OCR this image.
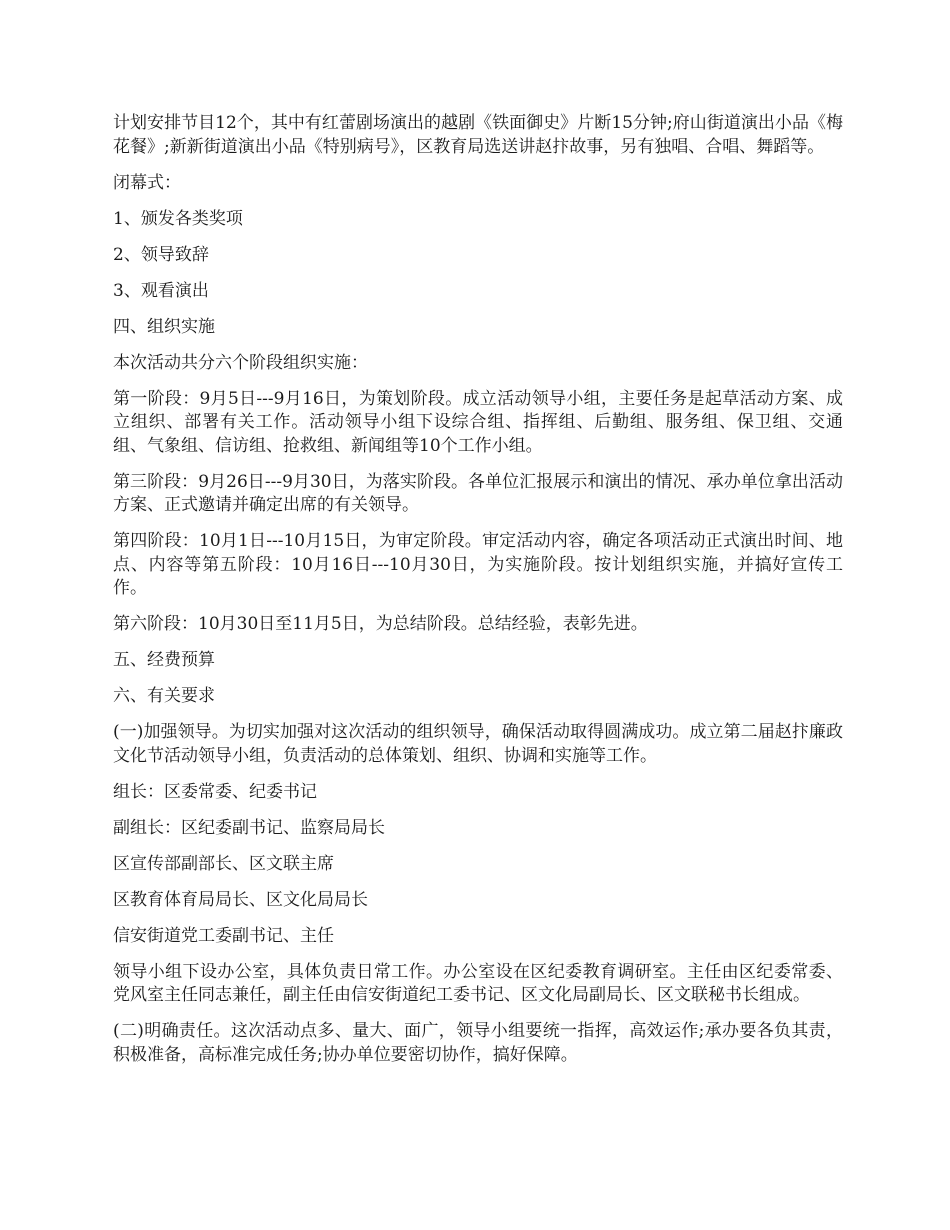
计划安排节目12个，其中有红蕾剧场演出的越剧《铁面御史》片断15分钟;府山街道演出小品《梅花餐》;新新街道演出小品《特别病号》，区教育局选送讲赵抃故事，另有独唱、合唱、舞蹈等。

闭幕式：

1、颁发各类奖项

2、领导致辞

3、观看演出

四、组织实施

本次活动共分六个阶段组织实施：

第一阶段：9月5日---9月16日，为策划阶段。成立活动领导小组，主要任务是起草活动方案、成立组织、部署有关工作。活动领导小组下设综合组、指挥组、后勤组、服务组、保卫组、交通组、气象组、信访组、抢救组、新闻组等10个工作小组。

第三阶段：9月26日---9月30日，为落实阶段。各单位汇报展示和演出的情况、承办单位拿出活动方案、正式邀请并确定出席的有关领导。

第四阶段：10月1日---10月15日，为审定阶段。审定活动内容，确定各项活动正式演出时间、地点、内容等第五阶段：10月16日---10月30日，为实施阶段。按计划组织实施，并搞好宣传工作。

第六阶段：10月30日至11月5日，为总结阶段。总结经验，表彰先进。

五、经费预算

六、有关要求

(一)加强领导。为切实加强对这次活动的组织领导，确保活动取得圆满成功。成立第二届赵抃廉政文化节活动领导小组，负责活动的总体策划、组织、协调和实施等工作。

组长：区委常委、纪委书记

副组长：区纪委副书记、监察局局长

区宣传部副部长、区文联主席

区教育体育局局长、区文化局局长

信安街道党工委副书记、主任

领导小组下设办公室，具体负责日常工作。办公室设在区纪委教育调研室。主任由区纪委常委、党风室主任同志兼任，副主任由信安街道纪工委书记、区文化局副局长、区文联秘书长组成。

(二)明确责任。这次活动点多、量大、面广，领导小组要统一指挥，高效运作;承办要各负其责，积极准备，高标准完成任务;协办单位要密切协作，搞好保障。
